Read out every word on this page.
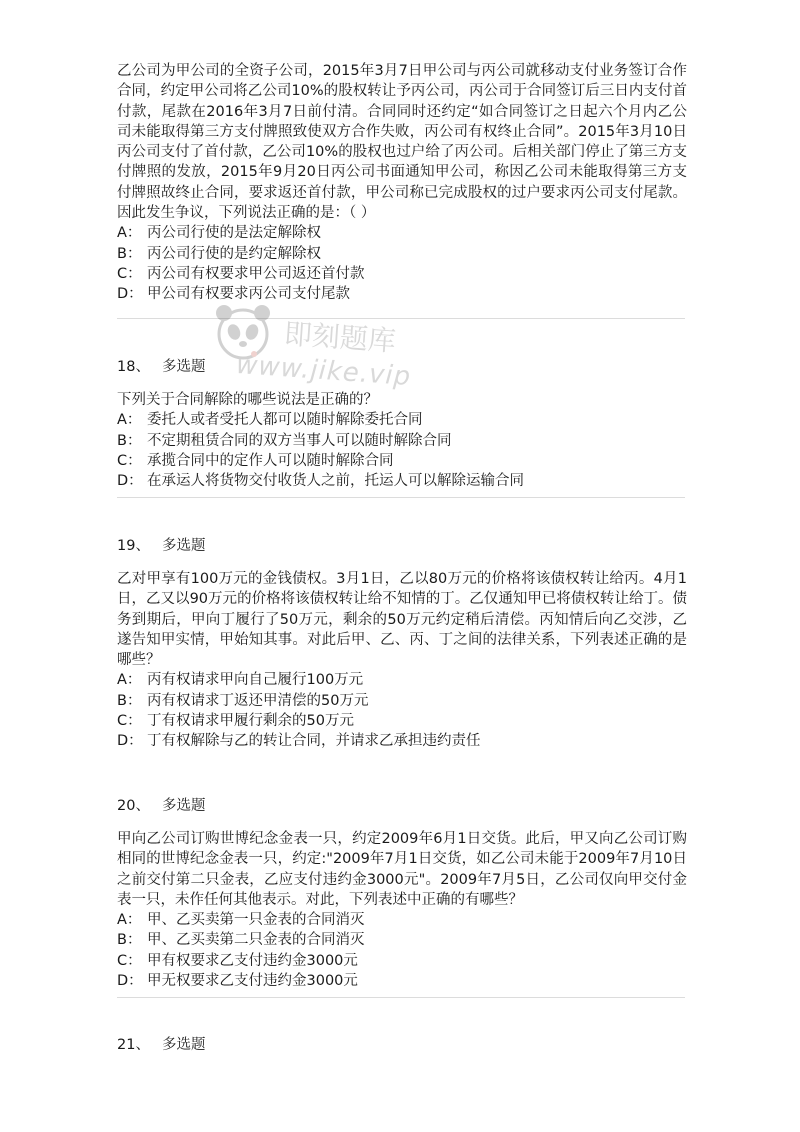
乙公司为甲公司的全资子公司，2015年3月7日甲公司与丙公司就移动支付业务签订合作合同，约定甲公司将乙公司10%的股权转让予丙公司，丙公司于合同签订后三日内支付首付款，尾款在2016年3月7日前付清。合同同时还约定“如合同签订之日起六个月内乙公司未能取得第三方支付牌照致使双方合作失败，丙公司有权终止合同”。2015年3月10日丙公司支付了首付款，乙公司10%的股权也过户给了丙公司。后相关部门停止了第三方支付牌照的发放，2015年9月20日丙公司书面通知甲公司，称因乙公司未能取得第三方支付牌照故终止合同，要求返还首付款，甲公司称已完成股权的过户要求丙公司支付尾款。因此发生争议，下列说法正确的是：（ ）

A： 丙公司行使的是法定解除权

B： 丙公司行使的是约定解除权

C： 丙公司有权要求甲公司返还首付款

D： 甲公司有权要求丙公司支付尾款

18、 多选题

下列关于合同解除的哪些说法是正确的？

A： 委托人或者受托人都可以随时解除委托合同

B： 不定期租赁合同的双方当事人可以随时解除合同

C： 承揽合同中的定作人可以随时解除合同

D： 在承运人将货物交付收货人之前，托运人可以解除运输合同

19、 多选题

乙对甲享有100万元的金钱债权。3月1日，乙以80万元的价格将该债权转让给丙。4月1日，乙又以90万元的价格将该债权转让给不知情的丁。乙仅通知甲已将债权转让给丁。债务到期后，甲向丁履行了50万元，剩余的50万元约定稍后清偿。丙知情后向乙交涉，乙遂告知甲实情，甲始知其事。对此后甲、乙、丙、丁之间的法律关系，下列表述正确的是哪些？

A： 丙有权请求甲向自己履行100万元

B： 丙有权请求丁返还甲清偿的50万元

C： 丁有权请求甲履行剩余的50万元

D： 丁有权解除与乙的转让合同，并请求乙承担违约责任

20、 多选题

甲向乙公司订购世博纪念金表一只，约定2009年6月1日交货。此后，甲又向乙公司订购相同的世博纪念金表一只，约定:"2009年7月1日交货，如乙公司未能于2009年7月10日之前交付第二只金表，乙应支付违约金3000元"。2009年7月5日，乙公司仅向甲交付金表一只，未作任何其他表示。对此，下列表述中正确的有哪些？

A： 甲、乙买卖第一只金表的合同消灭

B： 甲、乙买卖第二只金表的合同消灭

C： 甲有权要求乙支付违约金3000元

D： 甲无权要求乙支付违约金3000元

21、 多选题
即刻题库
www.jike.vip
